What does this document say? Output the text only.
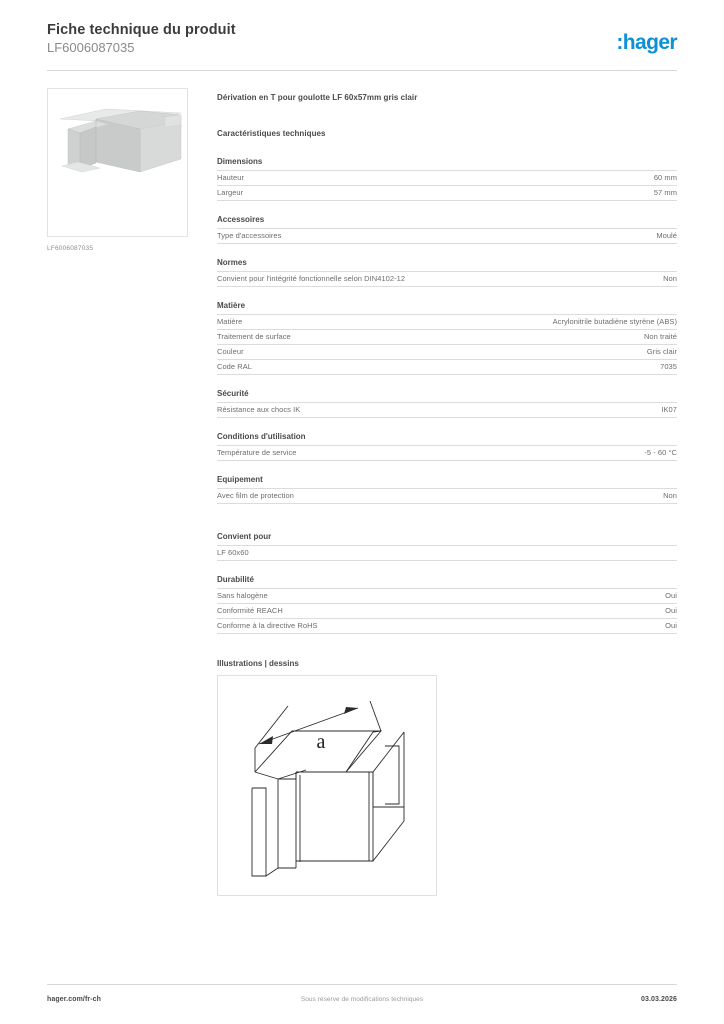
Fiche technique du produit
LF6006087035	:hager
LF6006087035
Dérivation en T pour goulotte LF 60x57mm gris clair
Caractéristiques techniques
Dimensions
Hauteur	60 mm
Largeur	57 mm
Accessoires
Type d'accessoires	Moulé
Normes
Convient pour l'intégrité fonctionnelle selon DIN4102-12	Non
Matière
Matière	Acrylonitrile butadiène styrène (ABS)
Traitement de surface	Non traité
Couleur	Gris clair
Code RAL	7035
Sécurité
Résistance aux chocs IK	IK07
Conditions d'utilisation
Température de service	-5 - 60 °C
Equipement
Avec film de protection	Non
Convient pour
LF 60x60	
Durabilité
Sans halogène	Oui
Conformité REACH	Oui
Conforme à la directive RoHS	Oui
Illustrations | dessins
a
hager.com/fr-ch	Sous réserve de modifications techniques	03.03.2026
